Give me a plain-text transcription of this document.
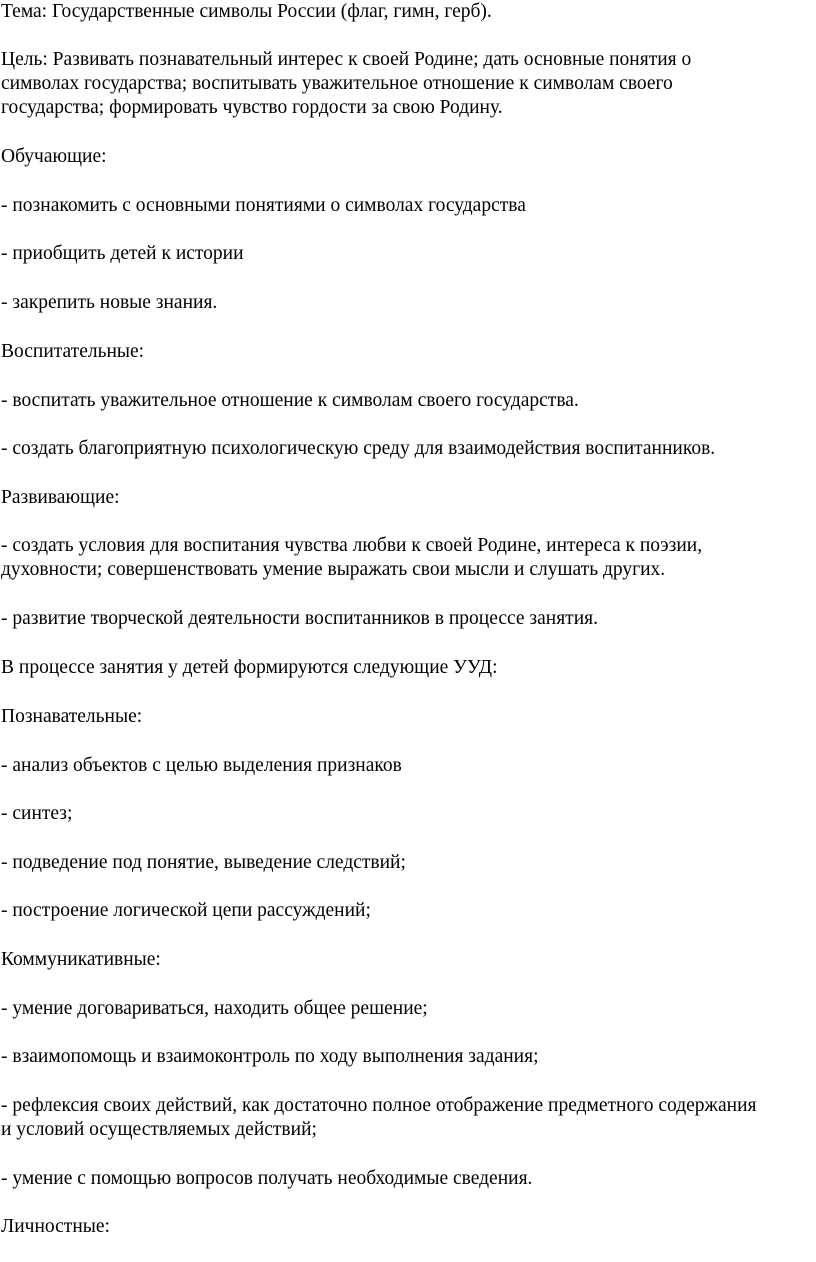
Тема: Государственные символы России (флаг, гимн, герб).

Цель: Развивать познавательный интерес к своей Родине; дать основные понятия о
символах государства; воспитывать уважительное отношение к символам своего
государства; формировать чувство гордости за свою Родину.

Обучающие:

- познакомить с основными понятиями о символах государства

- приобщить детей к истории

- закрепить новые знания.

Воспитательные:

- воспитать уважительное отношение к символам своего государства.

- создать благоприятную психологическую среду для взаимодействия воспитанников.

Развивающие:

- создать условия для воспитания чувства любви к своей Родине, интереса к поэзии,
духовности; совершенствовать умение выражать свои мысли и слушать других.

- развитие творческой деятельности воспитанников в процессе занятия.

В процессе занятия у детей формируются следующие УУД:

Познавательные:

- анализ объектов с целью выделения признаков

- синтез;

- подведение под понятие, выведение следствий;

- построение логической цепи рассуждений;

Коммуникативные:

- умение договариваться, находить общее решение;

- взаимопомощь и взаимоконтроль по ходу выполнения задания;

- рефлексия своих действий, как достаточно полное отображение предметного содержания
и условий осуществляемых действий;

- умение с помощью вопросов получать необходимые сведения.

Личностные:
